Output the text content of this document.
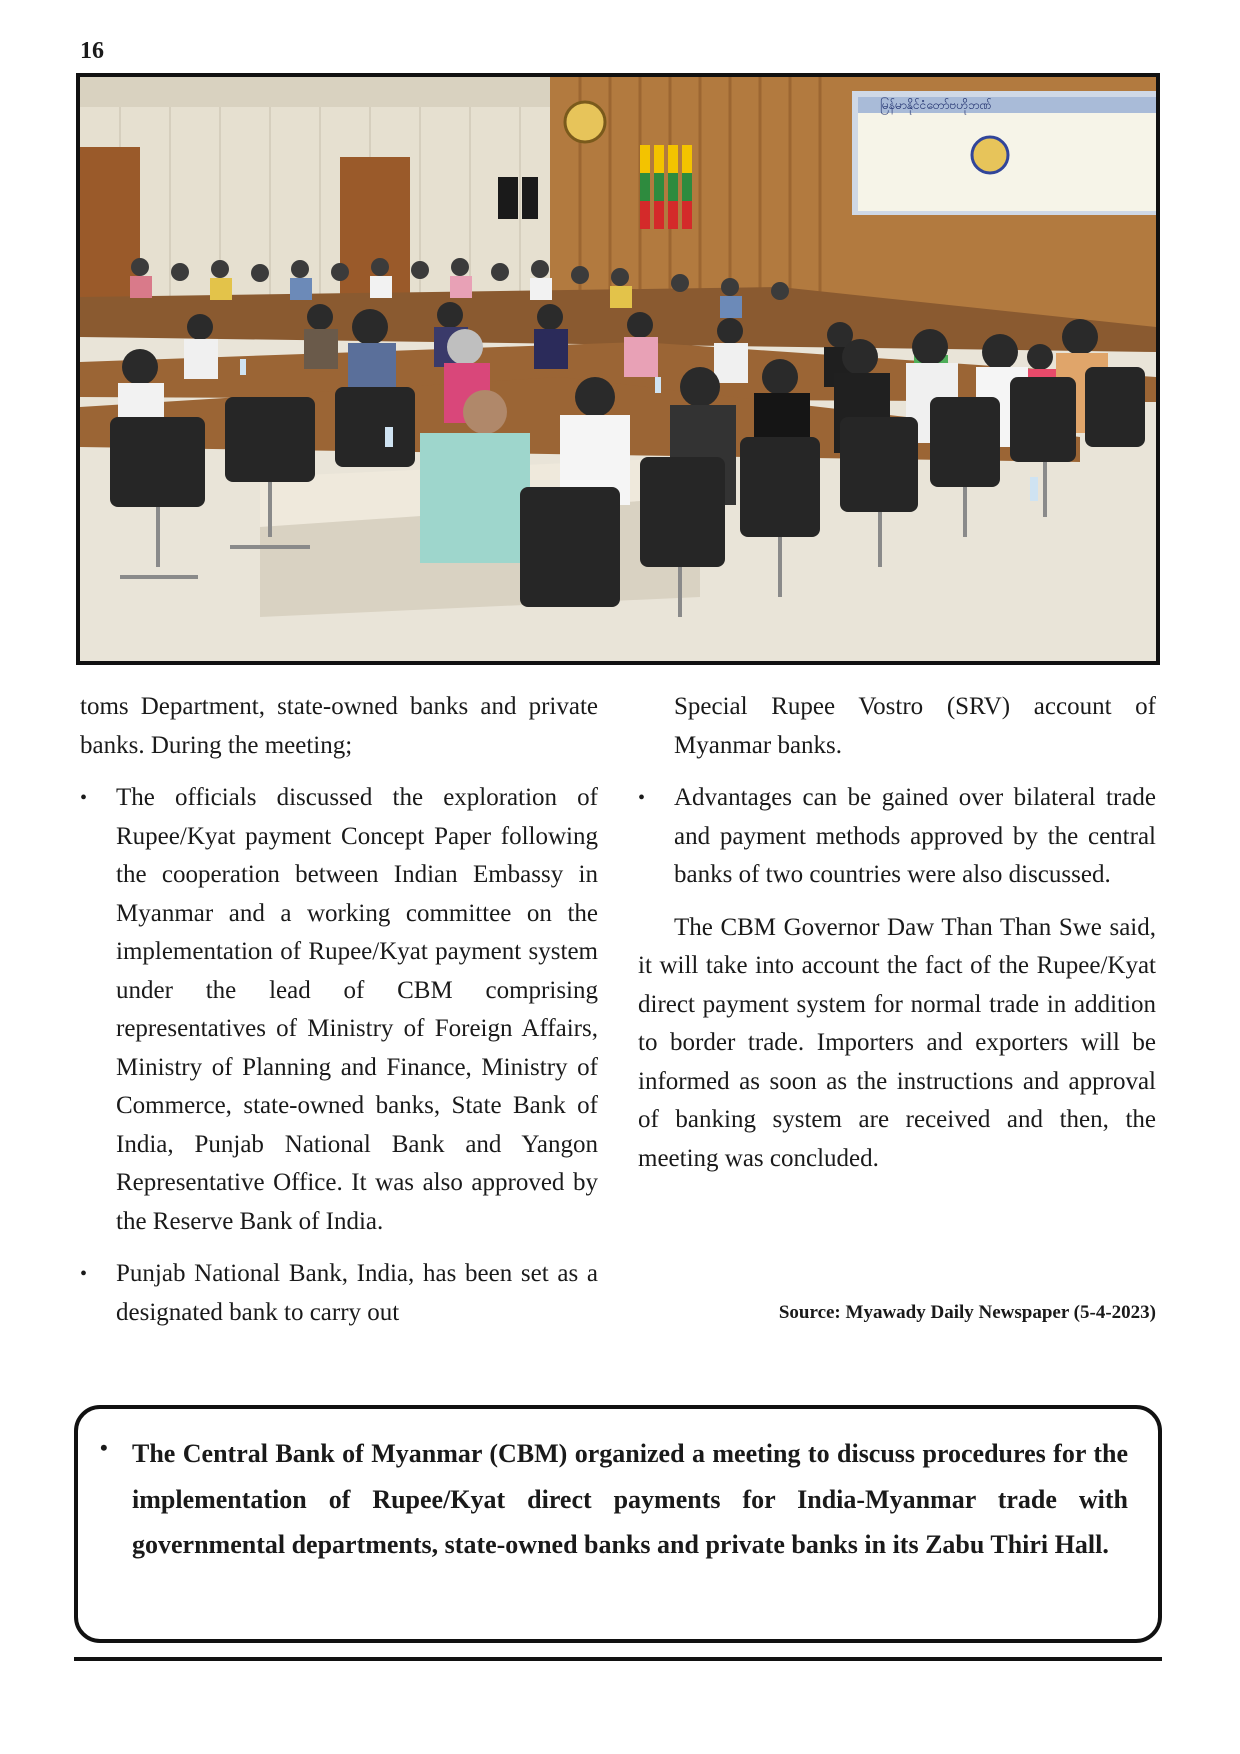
16
မြန်မာနိုင်ငံတော်ဗဟိုဘဏ်

toms Department, state-owned banks and private banks. During the meeting;

•	The officials discussed the exploration of Rupee/Kyat payment Concept Paper following the cooperation between Indian Embassy in Myanmar and a working committee on the implementation of Rupee/Kyat payment system under the lead of CBM comprising representatives of Ministry of Foreign Affairs, Ministry of Planning and Finance, Ministry of Commerce, state-owned banks, State Bank of India, Punjab National Bank and Yangon Representative Office. It was also approved by the Reserve Bank of India.
•	Punjab National Bank, India, has been set as a designated bank to carry out

Special Rupee Vostro (SRV) account of Myanmar banks.

•	Advantages can be gained over bilateral trade and payment methods approved by the central banks of two countries were also discussed.

The CBM Governor Daw Than Than Swe said, it will take into account the fact of the Rupee/Kyat direct payment system for normal trade in addition to border trade. Importers and exporters will be informed as soon as the instructions and approval of banking system are received and then, the meeting was concluded.

Source: Myawady Daily Newspaper (5-4-2023)
• The Central Bank of Myanmar (CBM) organized a meeting to discuss procedures for the implementation of Rupee/Kyat direct payments for India-Myanmar trade with governmental departments, state-owned banks and private banks in its Zabu Thiri Hall.
